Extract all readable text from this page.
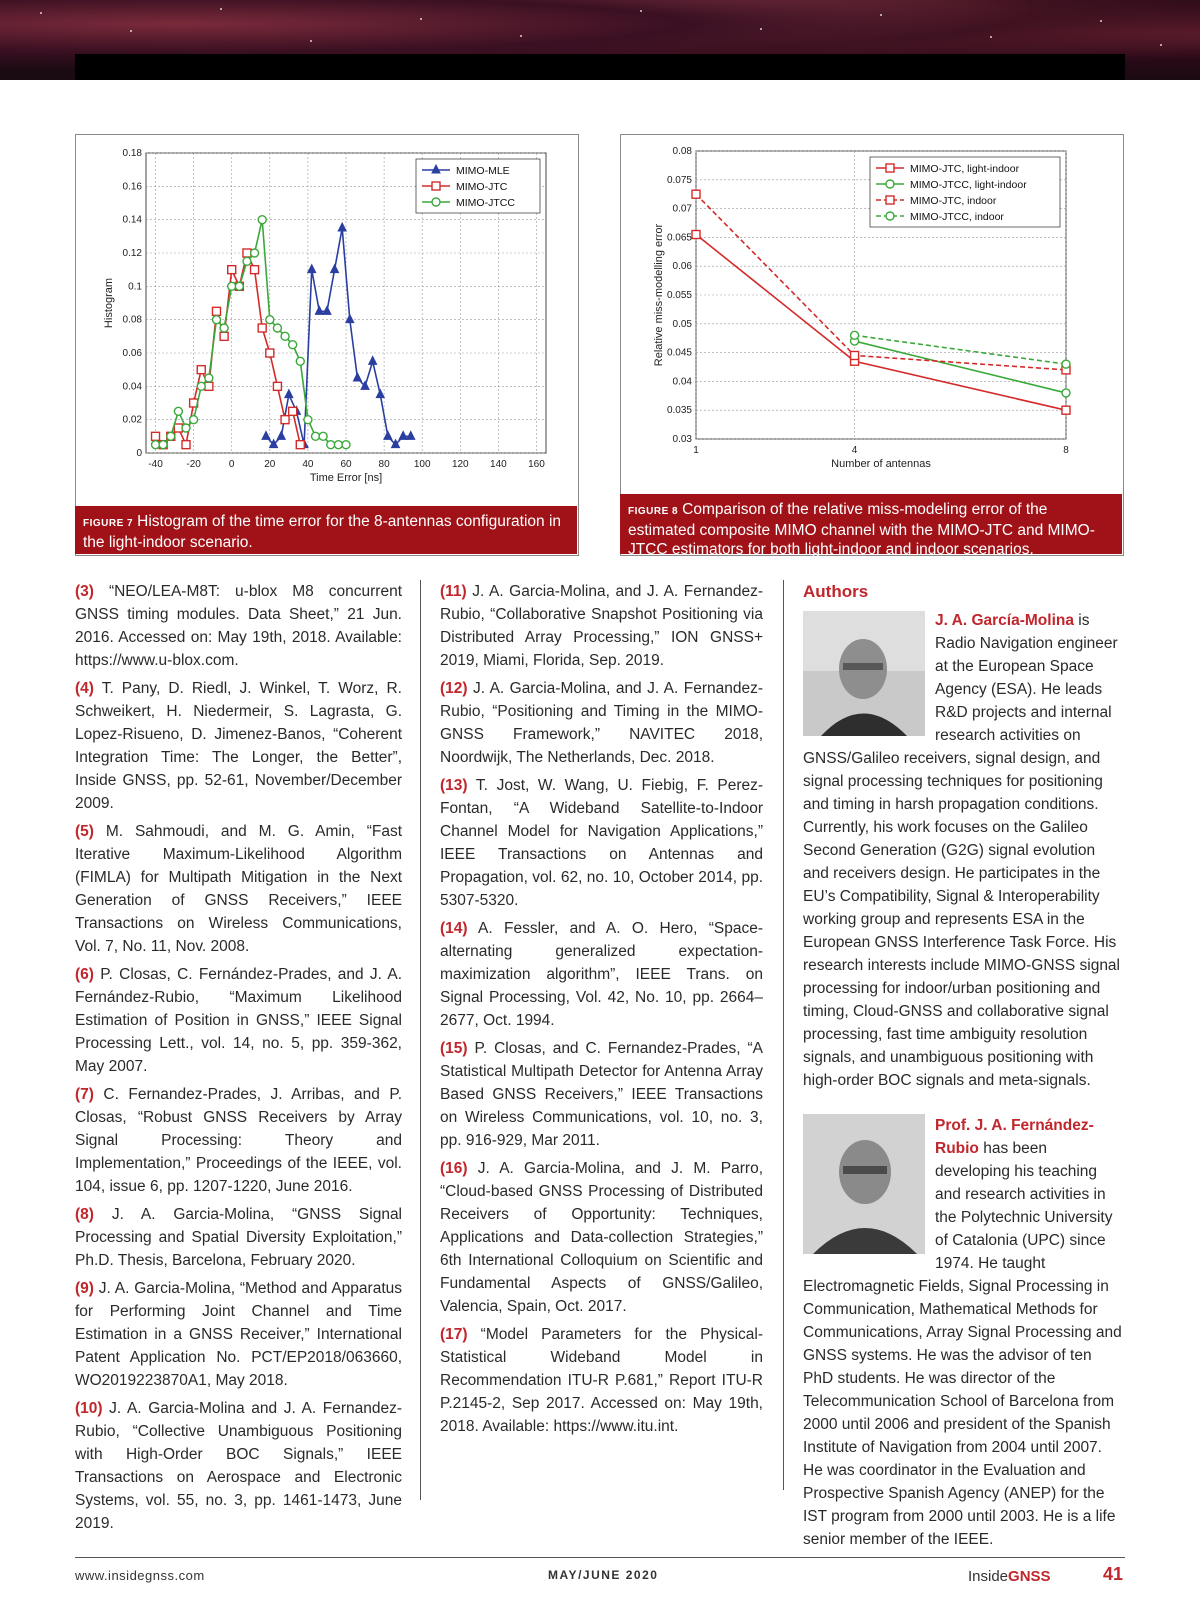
-40 -20	0	20	40	60	80 100 120 140 160
0
0.02
0.04
0.06
0.08
0.1
0.12
0.14
0.16
0.18
Time Error [ns]
Histogram
MIMO-MLE
MIMO-JTC
MIMO-JTCC
FIGURE 7 Histogram of the time error for the 8-antennas configuration in the light-indoor scenario.
1	4	8
0.03
0.035
0.04
0.045
0.05
0.055
0.06
0.065
0.07
0.075
0.08
Number of antennas
Relative miss-modelling error
MIMO-JTC, light-indoor
MIMO-JTCC, light-indoor
MIMO-JTC, indoor
MIMO-JTCC, indoor
FIGURE 8 Comparison of the relative miss-modeling error of the estimated composite MIMO channel with the MIMO-JTC and MIMO-JTCC estimators for both light-indoor and indoor scenarios.

(3) “NEO/LEA-M8T: u-blox M8 concurrent GNSS timing modules. Data Sheet,” 21 Jun. 2016. Accessed on: May 19th, 2018. Available: https://www.u-blox.com.

(4) T. Pany, D. Riedl, J. Winkel, T. Worz, R. Schweikert, H. Niedermeir, S. Lagrasta, G. Lopez-Risueno, D. Jimenez-Banos, “Coherent Integration Time: The Longer, the Better”, Inside GNSS, pp. 52-61, November/December 2009.

(5) M. Sahmoudi, and M. G. Amin, “Fast Iterative Maximum-Likelihood Algorithm (FIMLA) for Multipath Mitigation in the Next Generation of GNSS Receivers,” IEEE Transactions on Wireless Communications, Vol. 7, No. 11, Nov. 2008.

(6) P. Closas, C. Fernández-Prades, and J. A. Fernández-Rubio, “Maximum Likelihood Estimation of Position in GNSS,” IEEE Signal Processing Lett., vol. 14, no. 5, pp. 359-362, May 2007.

(7) C. Fernandez-Prades, J. Arribas, and P. Closas, “Robust GNSS Receivers by Array Signal Processing: Theory and Implementation,” Proceedings of the IEEE, vol. 104, issue 6, pp. 1207-1220, June 2016.

(8) J. A. Garcia-Molina, “GNSS Signal Processing and Spatial Diversity Exploitation,” Ph.D. Thesis, Barcelona, February 2020.

(9) J. A. Garcia-Molina, “Method and Apparatus for Performing Joint Channel and Time Estimation in a GNSS Receiver,” International Patent Application No. PCT/EP2018/063660, WO2019223870A1, May 2018.

(10) J. A. Garcia-Molina and J. A. Fernandez-Rubio, “Collective Unambiguous Positioning with High-Order BOC Signals,” IEEE Transactions on Aerospace and Electronic Systems, vol. 55, no. 3, pp. 1461-1473, June 2019.

(11) J. A. Garcia-Molina, and J. A. Fernandez-Rubio, “Collaborative Snapshot Positioning via Distributed Array Processing,” ION GNSS+ 2019, Miami, Florida, Sep. 2019.

(12) J. A. Garcia-Molina, and J. A. Fernandez-Rubio, “Positioning and Timing in the MIMO-GNSS Framework,” NAVITEC 2018, Noordwijk, The Netherlands, Dec. 2018.

(13) T. Jost, W. Wang, U. Fiebig, F. Perez-Fontan, “A Wideband Satellite-to-Indoor Channel Model for Navigation Applications,” IEEE Transactions on Antennas and Propagation, vol. 62, no. 10, October 2014, pp. 5307-5320.

(14) A. Fessler, and A. O. Hero, “Space-alternating generalized expectation-maximization algorithm”, IEEE Trans. on Signal Processing, Vol. 42, No. 10, pp. 2664–2677, Oct. 1994.

(15) P. Closas, and C. Fernandez-Prades, “A Statistical Multipath Detector for Antenna Array Based GNSS Receivers,” IEEE Transactions on Wireless Communications, vol. 10, no. 3, pp. 916-929, Mar 2011.

(16) J. A. Garcia-Molina, and J. M. Parro, “Cloud-based GNSS Processing of Distributed Receivers of Opportunity: Techniques, Applications and Data-collection Strategies,” 6th International Colloquium on Scientific and Fundamental Aspects of GNSS/Galileo, Valencia, Spain, Oct. 2017.

(17) “Model Parameters for the Physical-Statistical Wideband Model in Recommendation ITU-R P.681,” Report ITU-R P.2145-2, Sep 2017. Accessed on: May 19th, 2018. Available: https://www.itu.int.

Authors

J. A. García-Molina is Radio Navigation engineer at the European Space Agency (ESA). He leads R&D projects and internal research activities on GNSS/Galileo receivers, signal design, and signal processing techniques for positioning and timing in harsh propagation conditions. Currently, his work focuses on the Galileo Second Generation (G2G) signal evolution and receivers design. He participates in the EU’s Compatibility, Signal & Interoperability working group and represents ESA in the European GNSS Interference Task Force. His research interests include MIMO-GNSS signal processing for indoor/urban positioning and timing, Cloud-GNSS and collaborative signal processing, fast time ambiguity resolution signals, and unambiguous positioning with high-order BOC signals and meta-signals.

Prof. J. A. Fernández-Rubio has been developing his teaching and research activities in the Polytechnic University of Catalonia (UPC) since 1974. He taught Electromagnetic Fields, Signal Processing in Communication, Mathematical Methods for Communications, Array Signal Processing and GNSS systems. He was the advisor of ten PhD students. He was director of the Telecommunication School of Barcelona from 2000 until 2006 and president of the Spanish Institute of Navigation from 2004 until 2007. He was coordinator in the Evaluation and Prospective Spanish Agency (ANEP) for the IST program from 2000 until 2003. He is a life senior member of the IEEE.

www.insidegnss.com	MAY/JUNE 2020	InsideGNSS	41
